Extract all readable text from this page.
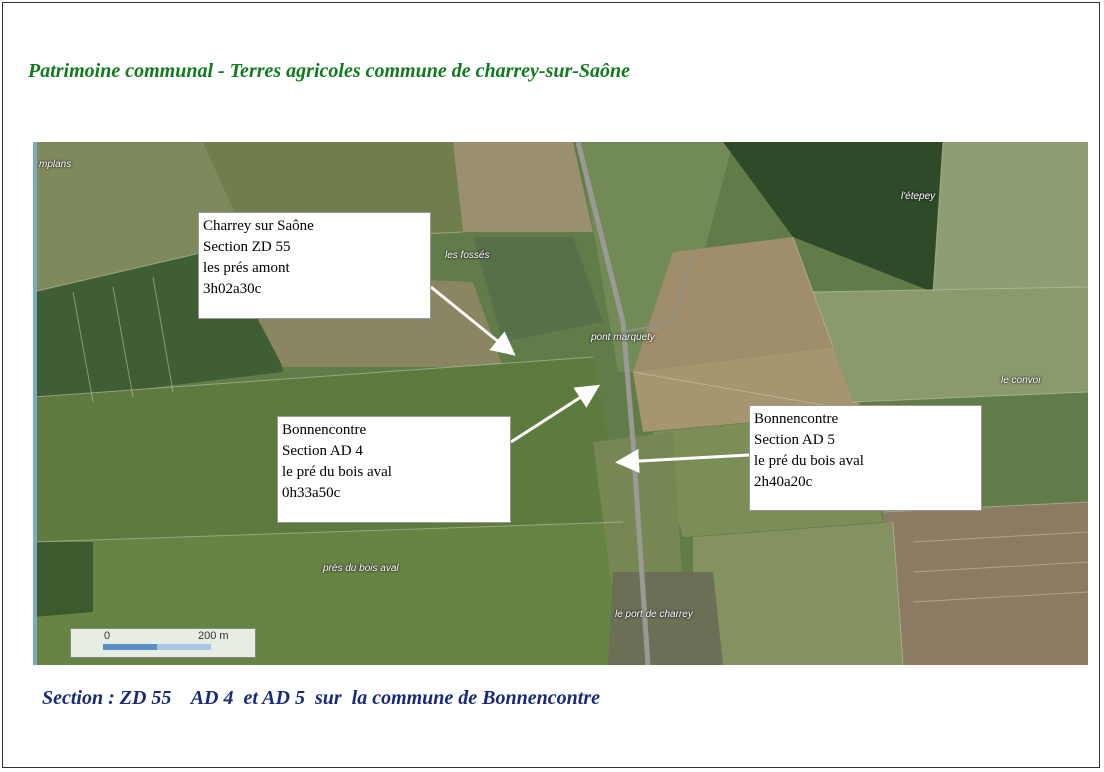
Patrimoine communal - Terres agricoles commune de charrey-sur-Saône
mplans
les fossés
l'étepey
pont marquety
le convoi
prés du bois aval
le port de charrey
Charrey sur Saône
Section ZD 55
les prés amont
3h02a30c
Bonnencontre
Section AD 4
le pré du bois aval
0h33a50c
Bonnencontre
Section AD 5
le pré du bois aval
2h40a20c
0	200 m
Section : ZD 55    AD 4  et AD 5  sur  la commune de Bonnencontre
